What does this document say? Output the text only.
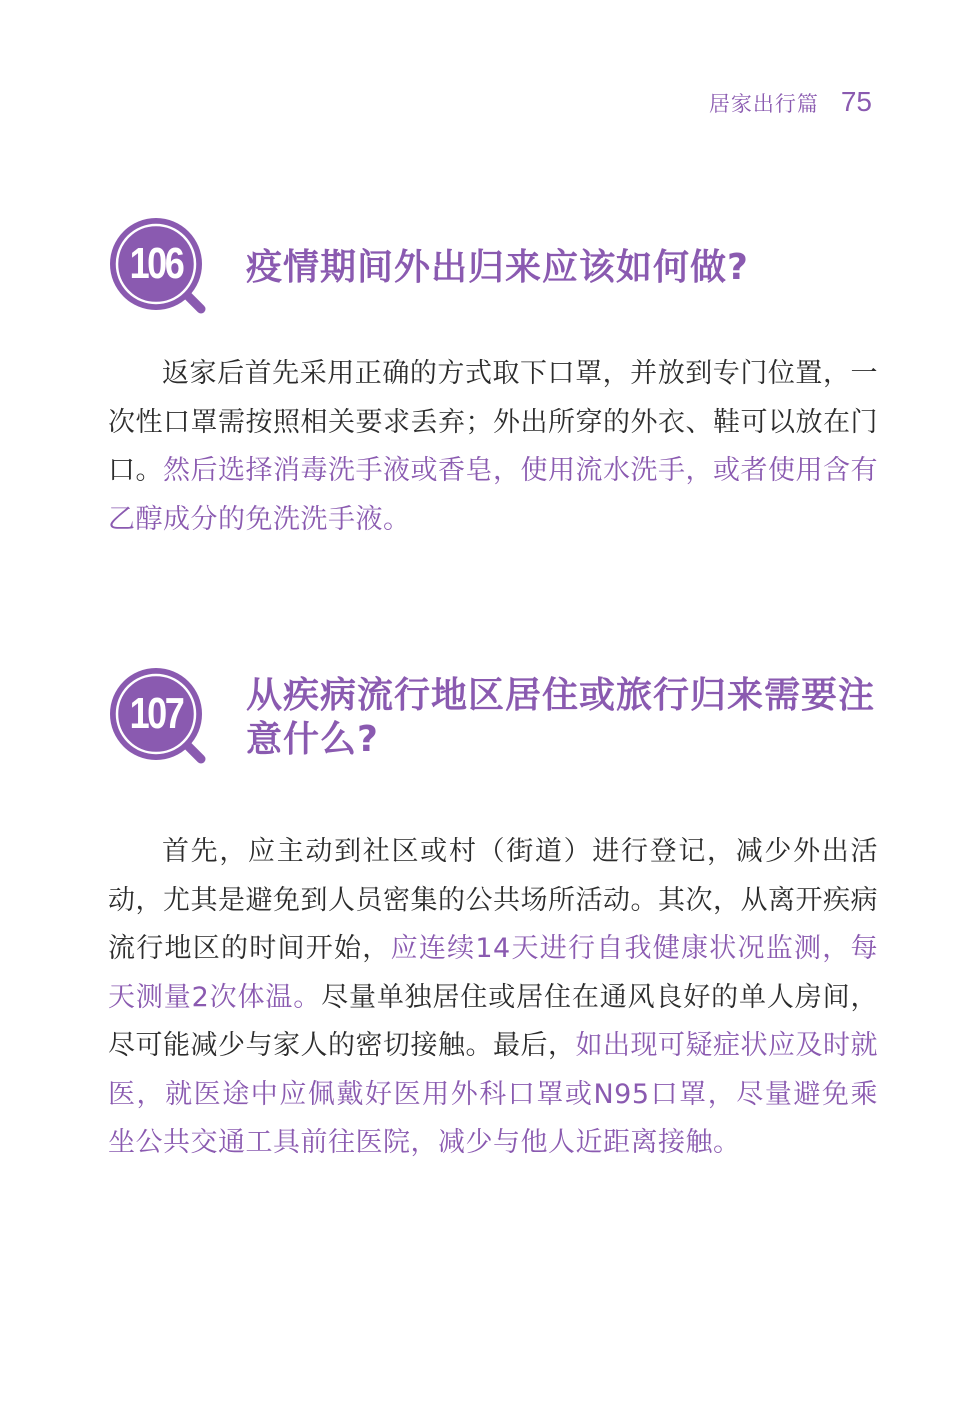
居家出行篇 75
106	疫情期间外出归来应该如何做?

返家后首先采用正确的方式取下口罩，并放到专门位置，一次性口罩需按照相关要求丢弃；外出所穿的外衣、鞋可以放在门口。然后选择消毒洗手液或香皂，使用流水洗手，或者使用含有乙醇成分的免洗洗手液。

107	从疾病流行地区居住或旅行归来需要注意什么?

首先，应主动到社区或村（街道）进行登记，减少外出活动，尤其是避免到人员密集的公共场所活动。其次，从离开疾病流行地区的时间开始，应连续14天进行自我健康状况监测，每天测量2次体温。尽量单独居住或居住在通风良好的单人房间，尽可能减少与家人的密切接触。最后，如出现可疑症状应及时就医，就医途中应佩戴好医用外科口罩或N95口罩，尽量避免乘坐公共交通工具前往医院，减少与他人近距离接触。
